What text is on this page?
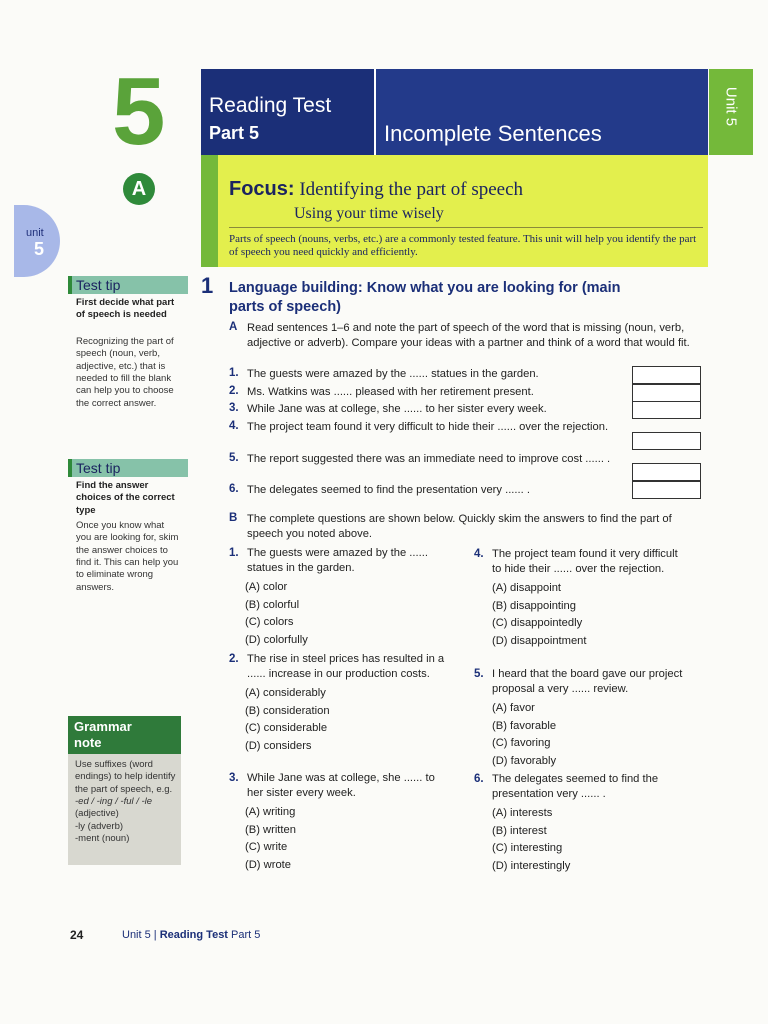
5
A
unit
5
Reading Test
Part 5	Incomplete Sentences
Unit 5
Focus: Identifying the part of speech
Using your time wisely
Parts of speech (nouns, verbs, etc.) are a commonly tested feature. This unit will help you identify the part of speech you need quickly and efficiently.
Test tip
First decide what part of speech is needed
Recognizing the part of speech (noun, verb, adjective, etc.) that is needed to fill the blank can help you to choose the correct answer.
Test tip
Find the answer choices of the correct type
Once you know what you are looking for, skim the answer choices to find it. This can help you to eliminate wrong answers.
Grammar
note
Use suffixes (word endings) to help identify the part of speech, e.g.
-ed / -ing / -ful / -le
(adjective)
-ly (adverb)
-ment (noun)
1 Language building: Know what you are looking for (main parts of speech)
A Read sentences 1–6 and note the part of speech of the word that is missing (noun, verb, adjective or adverb). Compare your ideas with a partner and think of a word that would fit.
1. The guests were amazed by the ...... statues in the garden.
2. Ms. Watkins was ...... pleased with her retirement present.
3. While Jane was at college, she ...... to her sister every week.
4. The project team found it very difficult to hide their ...... over the rejection.
5. The report suggested there was an immediate need to improve cost ...... .
6. The delegates seemed to find the presentation very ...... .
B The complete questions are shown below. Quickly skim the answers to find the part of speech you noted above.
1. The guests were amazed by the ...... statues in the garden.
(A) color
(B) colorful
(C) colors
(D) colorfully
2. The rise in steel prices has resulted in a ...... increase in our production costs.
(A) considerably
(B) consideration
(C) considerable
(D) considers
3. While Jane was at college, she ...... to her sister every week.
(A) writing
(B) written
(C) write
(D) wrote
4. The project team found it very difficult to hide their ...... over the rejection.
(A) disappoint
(B) disappointing
(C) disappointedly
(D) disappointment
5. I heard that the board gave our project proposal a very ...... review.
(A) favor
(B) favorable
(C) favoring
(D) favorably
6. The delegates seemed to find the presentation very ...... .
(A) interests
(B) interest
(C) interesting
(D) interestingly
24	Unit 5 | Reading Test Part 5
